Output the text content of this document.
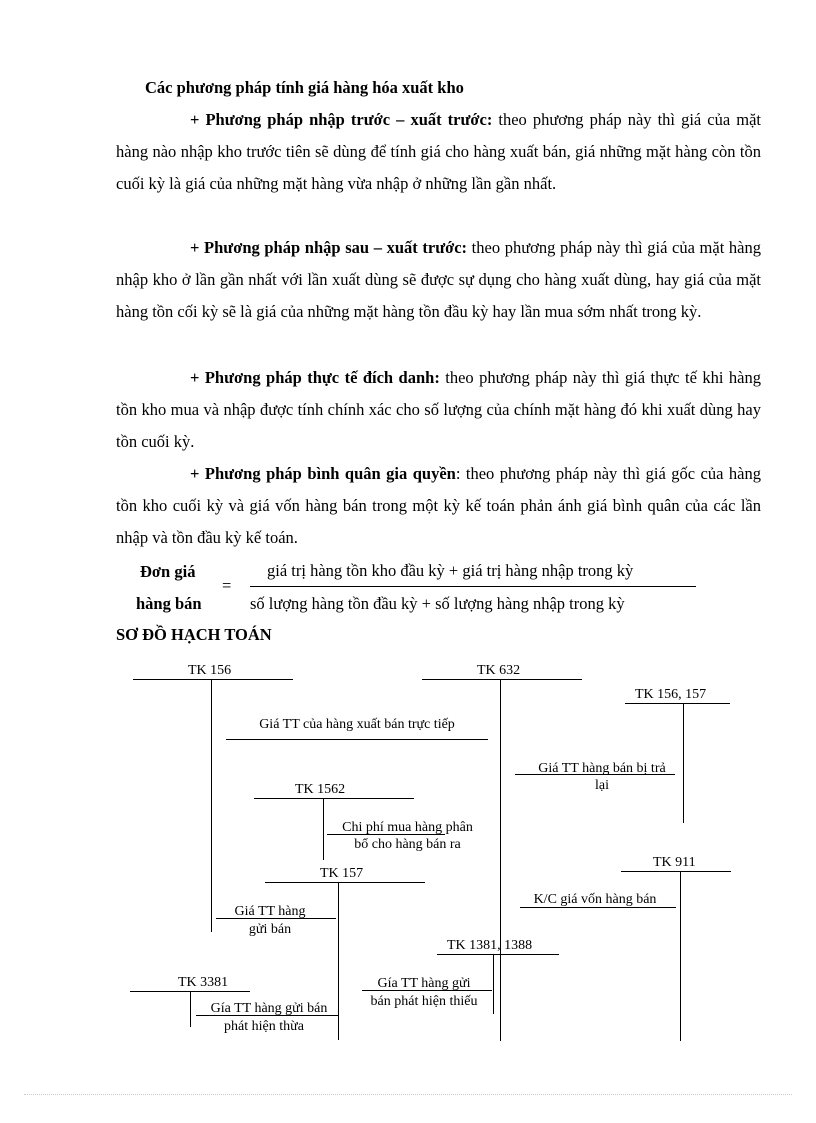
Các phương pháp tính giá hàng hóa xuất kho

+ Phương pháp nhập trước – xuất trước: theo phương pháp này thì giá của mặt hàng nào nhập kho trước tiên sẽ dùng để tính giá cho hàng xuất bán, giá những mặt hàng còn tồn cuối kỳ là giá của những mặt hàng vừa nhập ở những lần gần nhất.

+ Phương pháp nhập sau – xuất trước: theo phương pháp này thì giá của mặt hàng nhập kho ở lần gần nhất với lần xuất dùng sẽ được sự dụng cho hàng xuất dùng, hay giá của mặt hàng tồn cối kỳ sẽ là giá của những mặt hàng tồn đầu kỳ hay lần mua sớm nhất trong kỳ.

+ Phương pháp thực tế đích danh: theo phương pháp này thì giá thực tế khi hàng tồn kho mua và nhập được tính chính xác cho số lượng của chính mặt hàng đó khi xuất dùng hay tồn cuối kỳ.

+ Phương pháp bình quân gia quyền: theo phương pháp này thì giá gốc của hàng tồn kho cuối kỳ và giá vốn hàng bán trong một kỳ kế toán phản ánh giá bình quân của các lần nhập và tồn đầu kỳ kế toán.

Đơn giá
hàng bán
=
giá trị hàng tồn kho đầu kỳ + giá trị hàng nhập trong kỳ
số lượng hàng tồn đầu kỳ + số lượng hàng nhập trong kỳ
SƠ ĐỒ HẠCH TOÁN
TK 156	TK 632
TK 156, 157
Giá TT của hàng xuất bán trực tiếp
Giá TT hàng bán bị trả
lại
TK 1562
Chi phí mua hàng phân
bổ cho hàng bán ra
TK 911
K/C giá vốn hàng bán
TK 157
Giá TT hàng
gửi bán
TK 1381, 1388
Gía TT hàng gửi
bán phát hiện thiếu
TK 3381
Gía TT hàng gửi bán
phát hiện thừa
